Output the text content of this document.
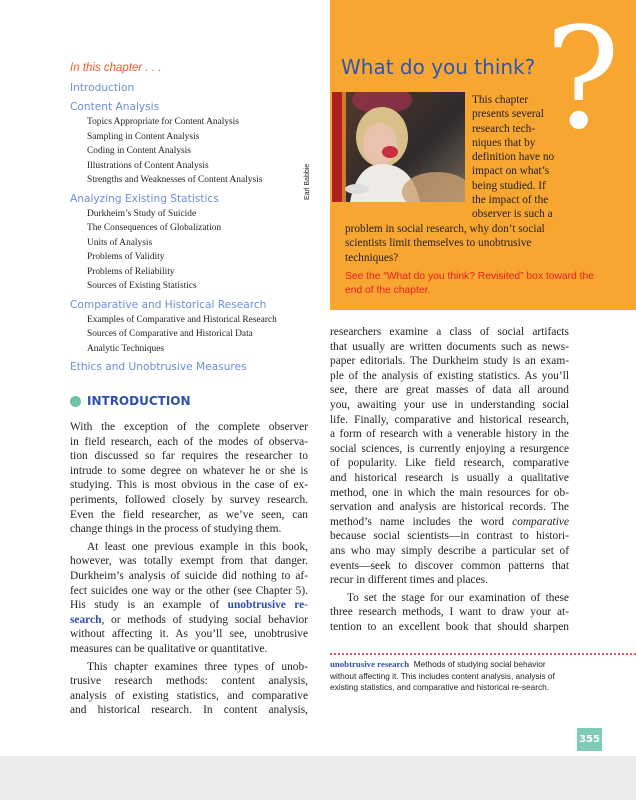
In this chapter . . .
Introduction
Content Analysis
Topics Appropriate for Content Analysis
Sampling in Content Analysis
Coding in Content Analysis
Illustrations of Content Analysis
Strengths and Weaknesses of Content Analysis
Analyzing Existing Statistics
Durkheim’s Study of Suicide
The Consequences of Globalization
Units of Analysis
Problems of Validity
Problems of Reliability
Sources of Existing Statistics
Comparative and Historical Research
Examples of Comparative and Historical Research
Sources of Comparative and Historical Data
Analytic Techniques
Ethics and Unobtrusive Measures
?
What do you think?
Earl Babbie
This chapter
presents several
research tech-
niques that by
definition have no
impact on what’s
being studied. If
the impact of the
observer is such a
problem in social research, why don’t social
scientists limit themselves to unobtrusive
techniques?
See the “What do you think? Revisited” box toward the end of the chapter.
INTRODUCTION
With the exception of the complete observer
in field research, each of the modes of observa-
tion discussed so far requires the researcher to
intrude to some degree on whatever he or she is
studying. This is most obvious in the case of ex-
periments, followed closely by survey research.
Even the field researcher, as we’ve seen, can
change things in the process of studying them.
At least one previous example in this book,
however, was totally exempt from that danger.
Durkheim’s analysis of suicide did nothing to af-
fect suicides one way or the other (see Chapter 5).
His study is an example of unobtrusive re-
search, or methods of studying social behavior
without affecting it. As you’ll see, unobtrusive
measures can be qualitative or quantitative.
This chapter examines three types of unob-
trusive research methods: content analysis,
analysis of existing statistics, and comparative
and historical research. In content analysis,
researchers examine a class of social artifacts
that usually are written documents such as news-
paper editorials. The Durkheim study is an exam-
ple of the analysis of existing statistics. As you’ll
see, there are great masses of data all around
you, awaiting your use in understanding social
life. Finally, comparative and historical research,
a form of research with a venerable history in the
social sciences, is currently enjoying a resurgence
of popularity. Like field research, comparative
and historical research is usually a qualitative
method, one in which the main resources for ob-
servation and analysis are historical records. The
method’s name includes the word comparative
because social scientists—in contrast to histori-
ans who may simply describe a particular set of
events—seek to discover common patterns that
recur in different times and places.
To set the stage for our examination of these
three research methods, I want to draw your at-
tention to an excellent book that should sharpen
unobtrusive research Methods of studying social behavior without affecting it. This includes content analysis, analysis of existing statistics, and comparative and historical re-search.
355
